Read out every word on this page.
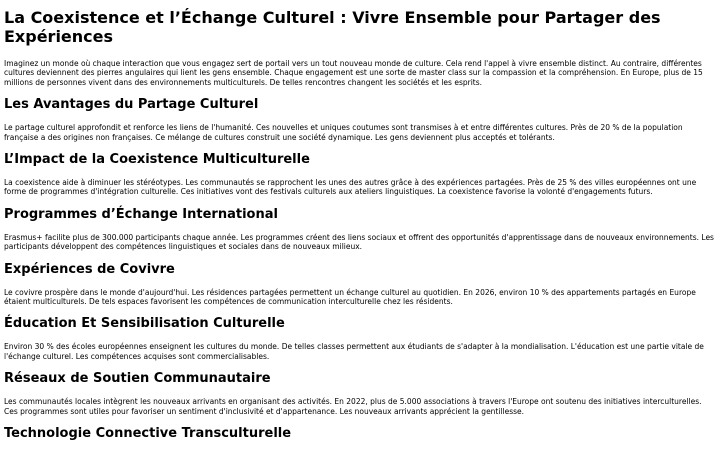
La Coexistence et l’Échange Culturel : Vivre Ensemble pour Partager des Expériences

Imaginez un monde où chaque interaction que vous engagez sert de portail vers un tout nouveau monde de culture. Cela rend l'appel à vivre ensemble distinct. Au contraire, différentes cultures deviennent des pierres angulaires qui lient les gens ensemble. Chaque engagement est une sorte de master class sur la compassion et la compréhension. En Europe, plus de 15 millions de personnes vivent dans des environnements multiculturels. De telles rencontres changent les sociétés et les esprits.

Les Avantages du Partage Culturel

Le partage culturel approfondit et renforce les liens de l'humanité. Ces nouvelles et uniques coutumes sont transmises à et entre différentes cultures. Près de 20 % de la population française a des origines non françaises. Ce mélange de cultures construit une société dynamique. Les gens deviennent plus acceptés et tolérants.

L’Impact de la Coexistence Multiculturelle

La coexistence aide à diminuer les stéréotypes. Les communautés se rapprochent les unes des autres grâce à des expériences partagées. Près de 25 % des villes européennes ont une forme de programmes d'intégration culturelle. Ces initiatives vont des festivals culturels aux ateliers linguistiques. La coexistence favorise la volonté d'engagements futurs.

Programmes d’Échange International

Erasmus+ facilite plus de 300.000 participants chaque année. Les programmes créent des liens sociaux et offrent des opportunités d'apprentissage dans de nouveaux environnements. Les participants développent des compétences linguistiques et sociales dans de nouveaux milieux.

Expériences de Covivre

Le covivre prospère dans le monde d'aujourd'hui. Les résidences partagées permettent un échange culturel au quotidien. En 2026, environ 10 % des appartements partagés en Europe étaient multiculturels. De tels espaces favorisent les compétences de communication interculturelle chez les résidents.

Éducation Et Sensibilisation Culturelle

Environ 30 % des écoles européennes enseignent les cultures du monde. De telles classes permettent aux étudiants de s'adapter à la mondialisation. L'éducation est une partie vitale de l'échange culturel. Les compétences acquises sont commercialisables.

Réseaux de Soutien Communautaire

Les communautés locales intègrent les nouveaux arrivants en organisant des activités. En 2022, plus de 5.000 associations à travers l'Europe ont soutenu des initiatives interculturelles. Ces programmes sont utiles pour favoriser un sentiment d'inclusivité et d'appartenance. Les nouveaux arrivants apprécient la gentillesse.

Technologie Connective Transculturelle
